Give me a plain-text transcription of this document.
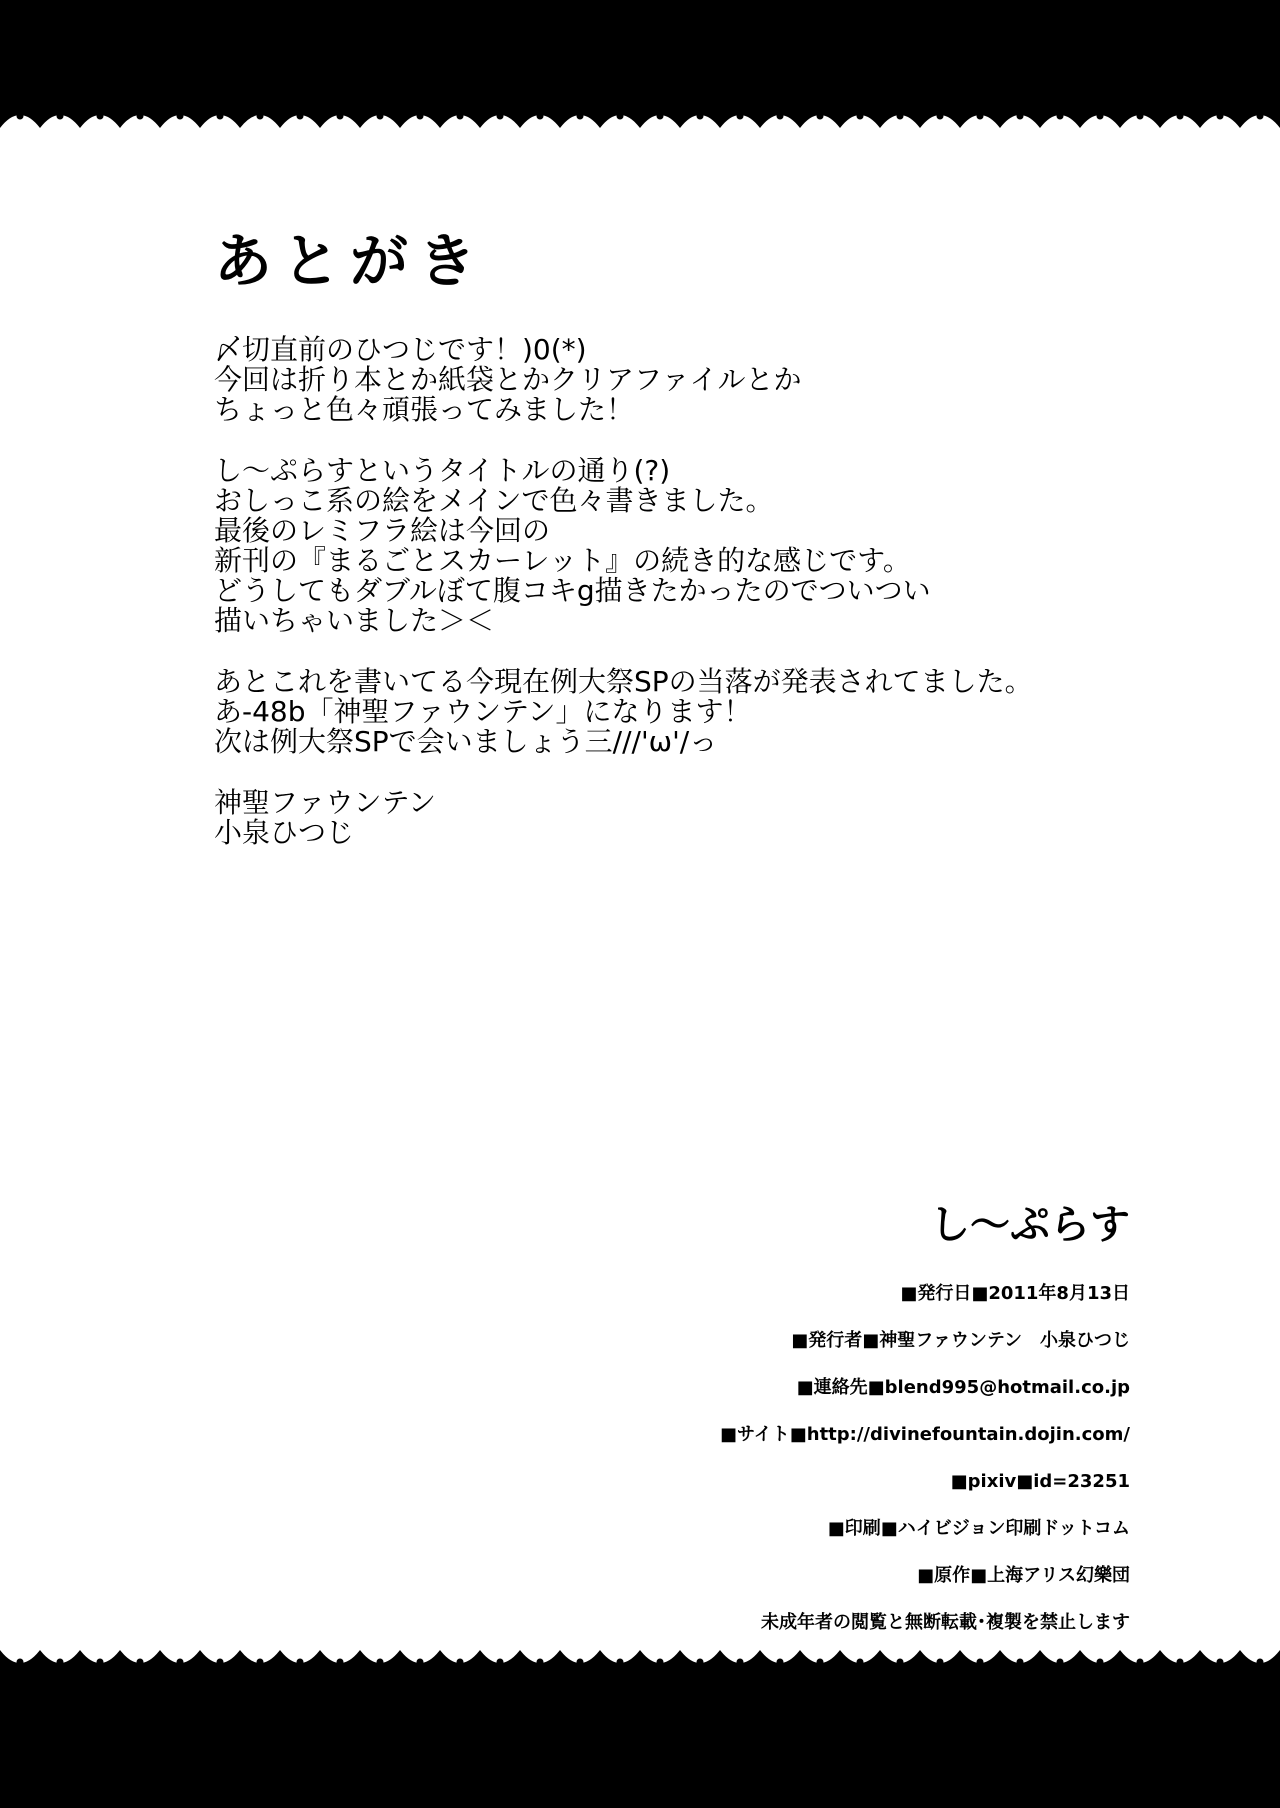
あとがき

〆切直前のひつじです！)0(*)
今回は折り本とか紙袋とかクリアファイルとか
ちょっと色々頑張ってみました！

し～ぷらすというタイトルの通り(?)
おしっこ系の絵をメインで色々書きました。
最後のレミフラ絵は今回の
新刊の『まるごとスカーレット』の続き的な感じです。
どうしてもダブルぼて腹コキg描きたかったのでついつい
描いちゃいました＞＜

あとこれを書いてる今現在例大祭SPの当落が発表されてました。
あ-48b「神聖ファウンテン」になります！
次は例大祭SPで会いましょう三///'ω'/っ

神聖ファウンテン
小泉ひつじ

し～ぷらす
■発行日■2011年8月13日
■発行者■神聖ファウンテン　小泉ひつじ
■連絡先■blend995@hotmail.co.jp
■サイト■http://divinefountain.dojin.com/
■pixiv■id=23251
■印刷■ハイビジョン印刷ドットコム
■原作■上海アリス幻樂団
未成年者の閲覧と無断転載･複製を禁止します
